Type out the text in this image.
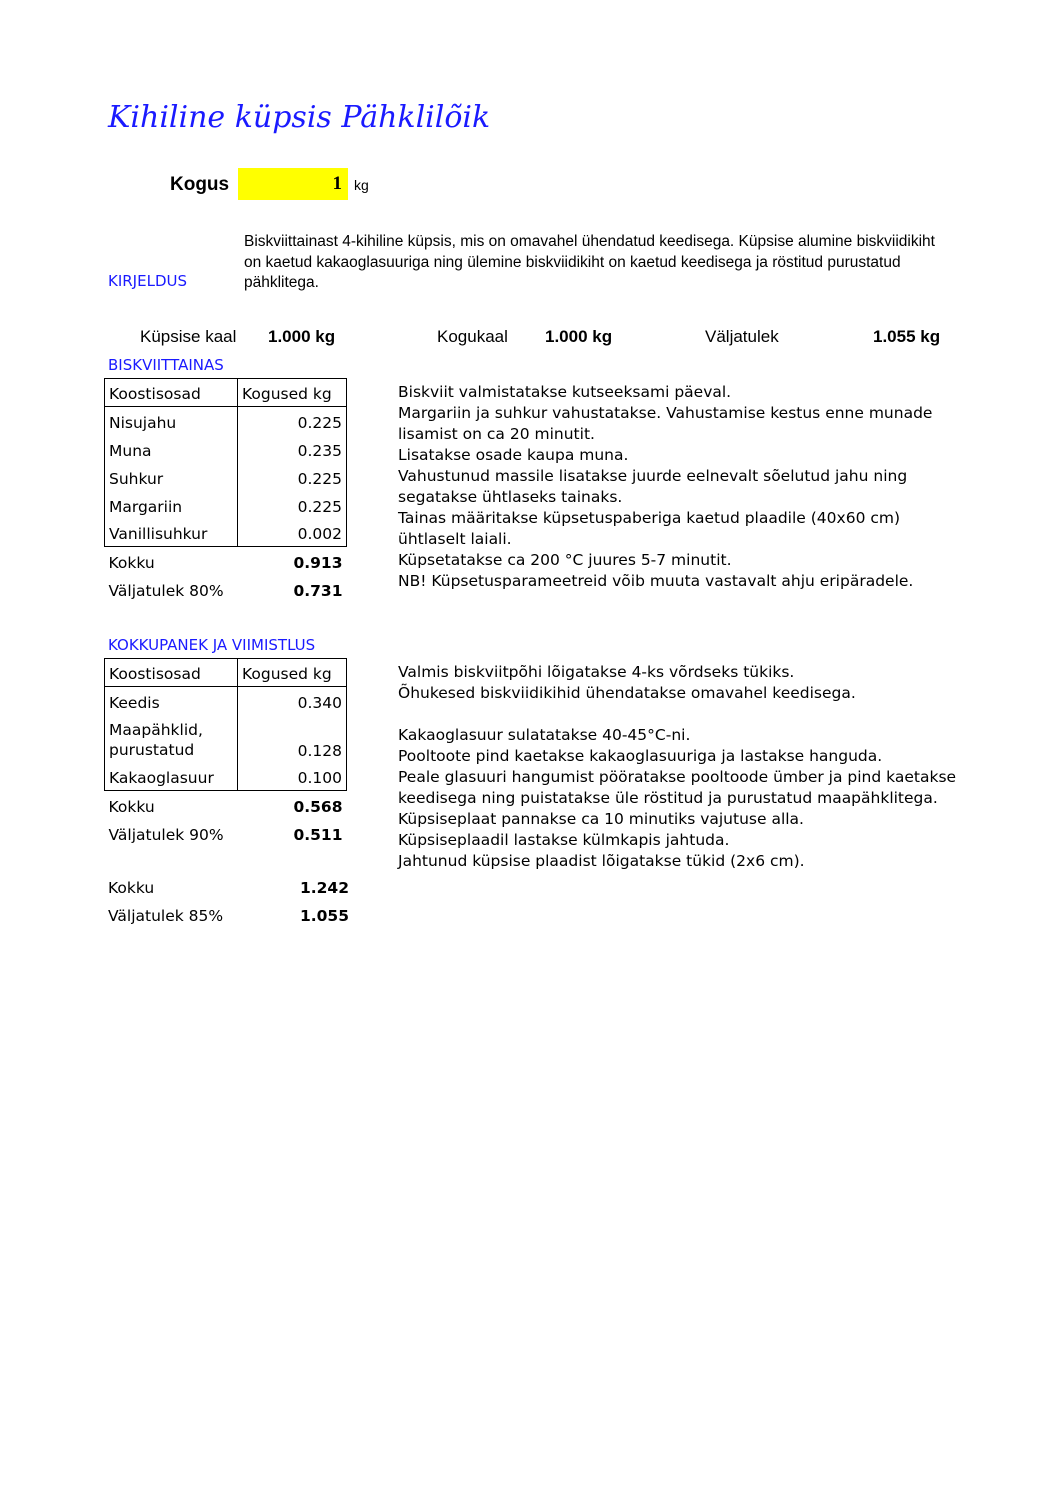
Kihiline küpsis Pähklilõik
Kogus	1 kg
Biskviittainast 4-kihiline küpsis, mis on omavahel ühendatud keedisega. Küpsise alumine biskviidikiht on kaetud kakaoglasuuriga ning ülemine biskviidikiht on kaetud keedisega ja röstitud purustatud pähklitega.
KIRJELDUS
Küpsise kaal 1.000 kg	Kogukaal 1.000 kg	Väljatulek	1.055 kg
BISKVIITTAINAS
Koostisosad	Kogused kg
Nisujahu	0.225
Muna	0.235
Suhkur	0.225
Margariin	0.225
Vanillisuhkur	0.002
Kokku	0.913
Väljatulek 80%	0.731
Biskviit valmistatakse kutseeksami päeval.
Margariin ja suhkur vahustatakse. Vahustamise kestus enne munade lisamist on ca 20 minutit.
Lisatakse osade kaupa muna.
Vahustunud massile lisatakse juurde eelnevalt sõelutud jahu ning segatakse ühtlaseks tainaks.
Tainas määritakse küpsetuspaberiga kaetud plaadile (40x60 cm) ühtlaselt laiali.
Küpsetatakse ca 200 °C juures 5-7 minutit.
NB! Küpsetusparameetreid võib muuta vastavalt ahju eripäradele.
KOKKUPANEK JA VIIMISTLUS
Koostisosad	Kogused kg
Keedis	0.340

Maapähklid,
purustatud	0.128
Kakaoglasuur	0.100
Kokku	0.568
Väljatulek 90%	0.511
Valmis biskviitpõhi lõigatakse 4-ks võrdseks tükiks.
Õhukesed biskviidikihid ühendatakse omavahel keedisega.
Kakaoglasuur sulatatakse 40-45°C-ni.
Pooltoote pind kaetakse kakaoglasuuriga ja lastakse hanguda.
Peale glasuuri hangumist pööratakse pooltoode ümber ja pind kaetakse keedisega ning puistatakse üle röstitud ja purustatud maapähklitega.
Küpsiseplaat pannakse ca 10 minutiks vajutuse alla.
Küpsiseplaadil lastakse külmkapis jahtuda.
Jahtunud küpsise plaadist lõigatakse tükid (2x6 cm).
Kokku	1.242
Väljatulek 85%	1.055
